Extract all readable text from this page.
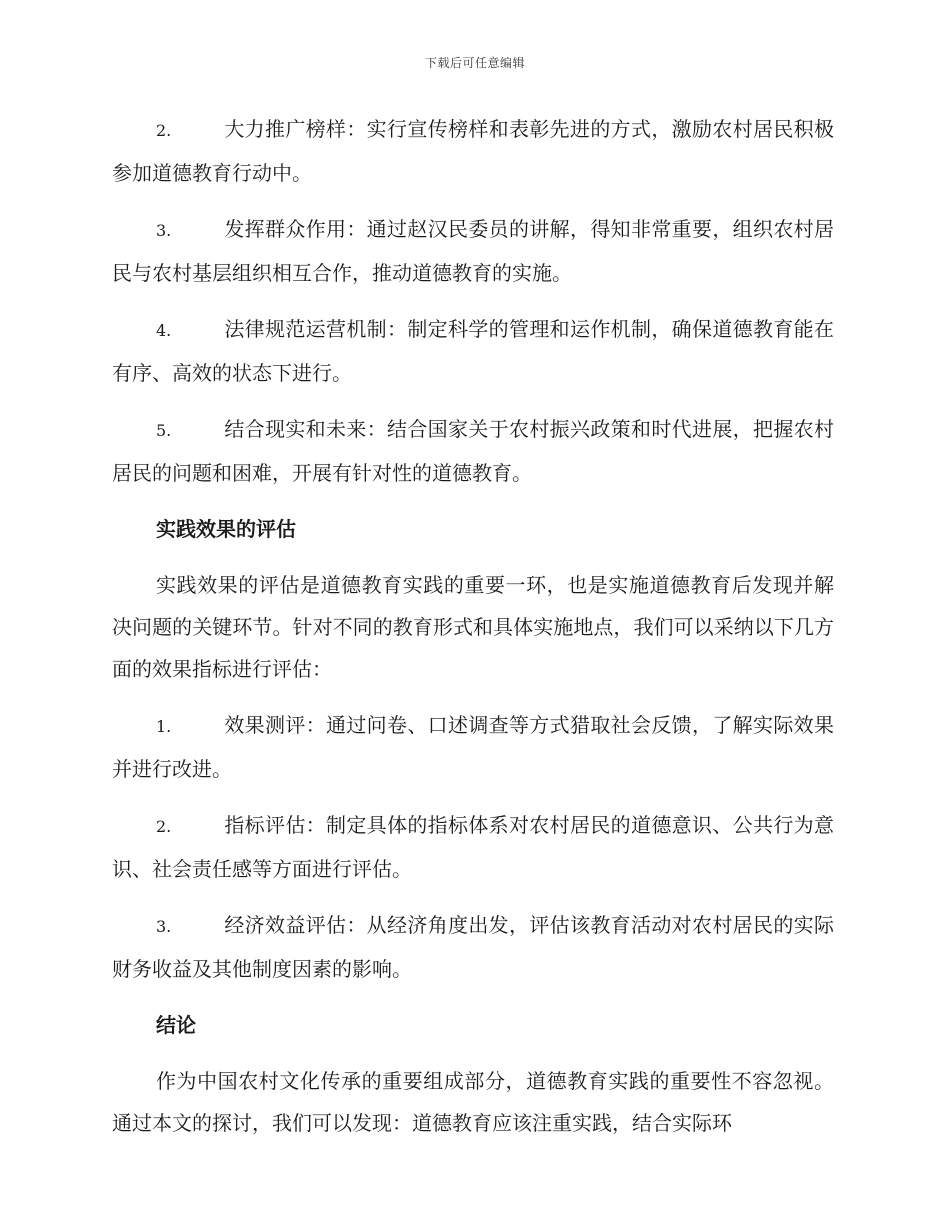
下载后可任意编辑
2.	大力推广榜样：实行宣传榜样和表彰先进的方式，激励农村居民积极参加道德教育行动中。
3.	发挥群众作用：通过赵汉民委员的讲解，得知非常重要，组织农村居民与农村基层组织相互合作，推动道德教育的实施。
4.	法律规范运营机制：制定科学的管理和运作机制，确保道德教育能在有序、高效的状态下进行。
5.	结合现实和未来：结合国家关于农村振兴政策和时代进展，把握农村居民的问题和困难，开展有针对性的道德教育。
实践效果的评估
实践效果的评估是道德教育实践的重要一环，也是实施道德教育后发现并解决问题的关键环节。针对不同的教育形式和具体实施地点，我们可以采纳以下几方面的效果指标进行评估：
1.	效果测评：通过问卷、口述调查等方式猎取社会反馈，了解实际效果并进行改进。
2.	指标评估：制定具体的指标体系对农村居民的道德意识、公共行为意识、社会责任感等方面进行评估。
3.	经济效益评估：从经济角度出发，评估该教育活动对农村居民的实际财务收益及其他制度因素的影响。
结论
作为中国农村文化传承的重要组成部分，道德教育实践的重要性不容忽视。通过本文的探讨，我们可以发现：道德教育应该注重实践，结合实际环
